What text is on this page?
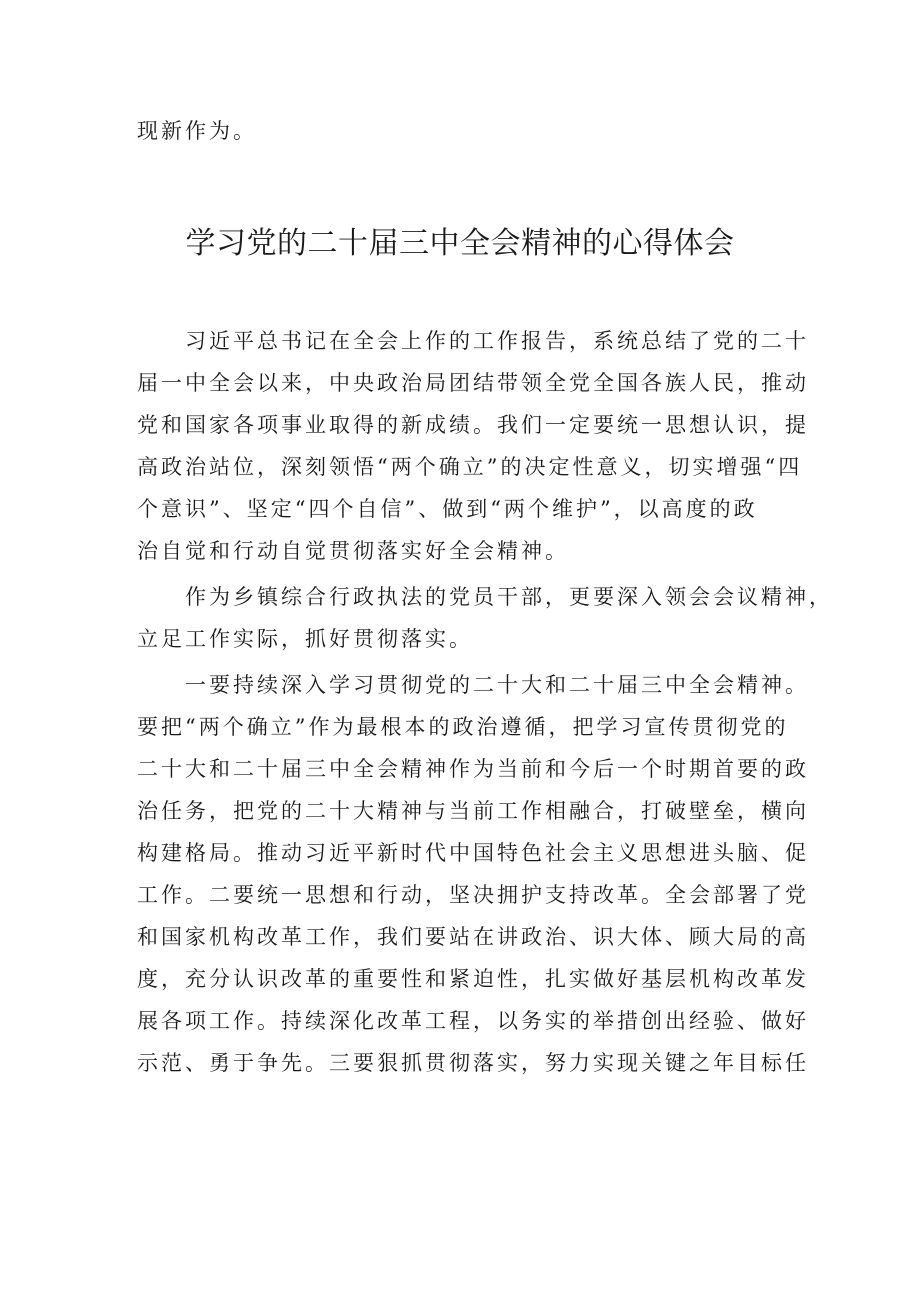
现新作为。

学习党的二十届三中全会精神的心得体会

习近平总书记在全会上作的工作报告，系统总结了党的二十
届一中全会以来，中央政治局团结带领全党全国各族人民，推动
党和国家各项事业取得的新成绩。我们一定要统一思想认识，提
高政治站位，深刻领悟“两个确立”的决定性意义，切实增强“四
个意识”、坚定“四个自信”、做到“两个维护”，以高度的政
治自觉和行动自觉贯彻落实好全会精神。

作为乡镇综合行政执法的党员干部，更要深入领会会议精神，
立足工作实际，抓好贯彻落实。

一要持续深入学习贯彻党的二十大和二十届三中全会精神。
要把“两个确立”作为最根本的政治遵循，把学习宣传贯彻党的
二十大和二十届三中全会精神作为当前和今后一个时期首要的政
治任务，把党的二十大精神与当前工作相融合，打破壁垒，横向
构建格局。推动习近平新时代中国特色社会主义思想进头脑、促
工作。二要统一思想和行动，坚决拥护支持改革。全会部署了党
和国家机构改革工作，我们要站在讲政治、识大体、顾大局的高
度，充分认识改革的重要性和紧迫性，扎实做好基层机构改革发
展各项工作。持续深化改革工程，以务实的举措创出经验、做好
示范、勇于争先。三要狠抓贯彻落实，努力实现关键之年目标任
